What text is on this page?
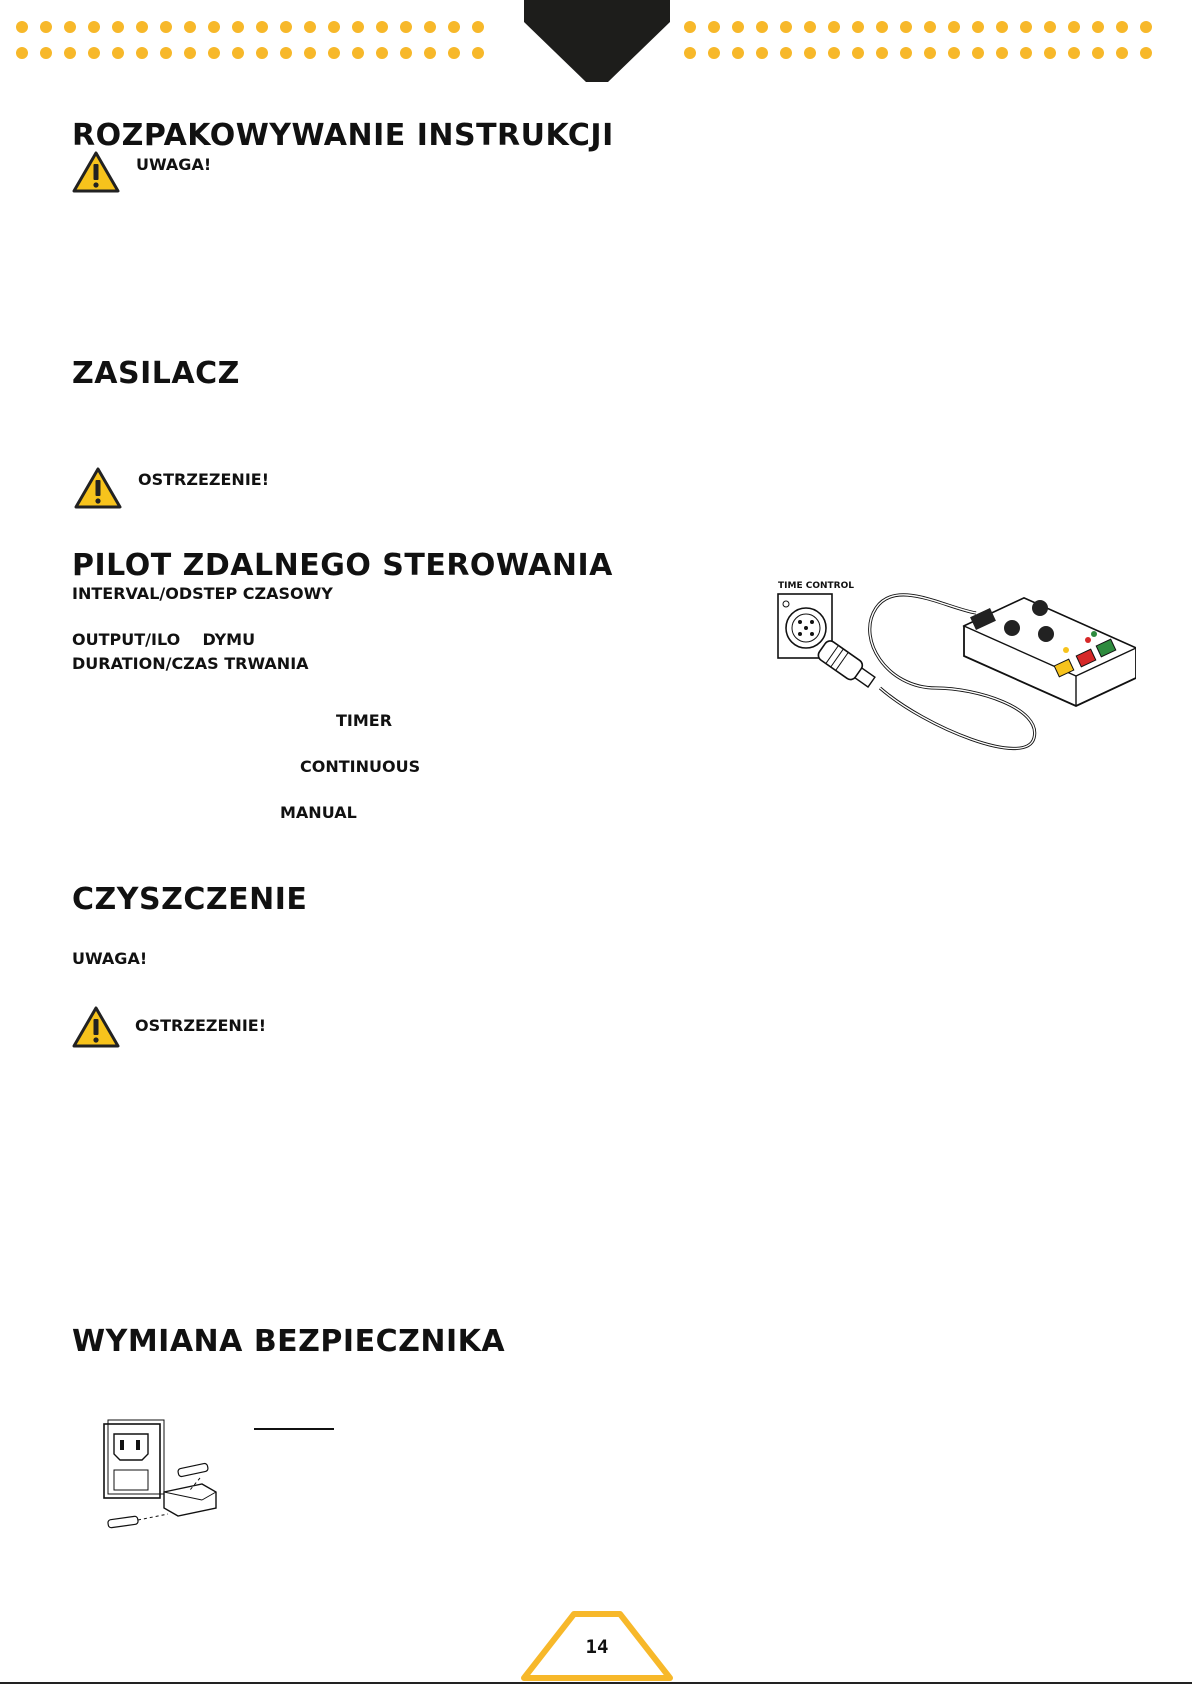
ROZPAKOWYWANIE INSTRUKCJI
UWAGA!
ZASILACZ
OSTRZEZENIE!
PILOT ZDALNEGO STEROWANIA
INTERVAL/ODSTEP CZASOWY
OUTPUT/ILO    DYMU
DURATION/CZAS TRWANIA
TIMER
CONTINUOUS
MANUAL
TIME CONTROL
CZYSZCZENIE
UWAGA!
OSTRZEZENIE!
WYMIANA BEZPIECZNIKA
14
